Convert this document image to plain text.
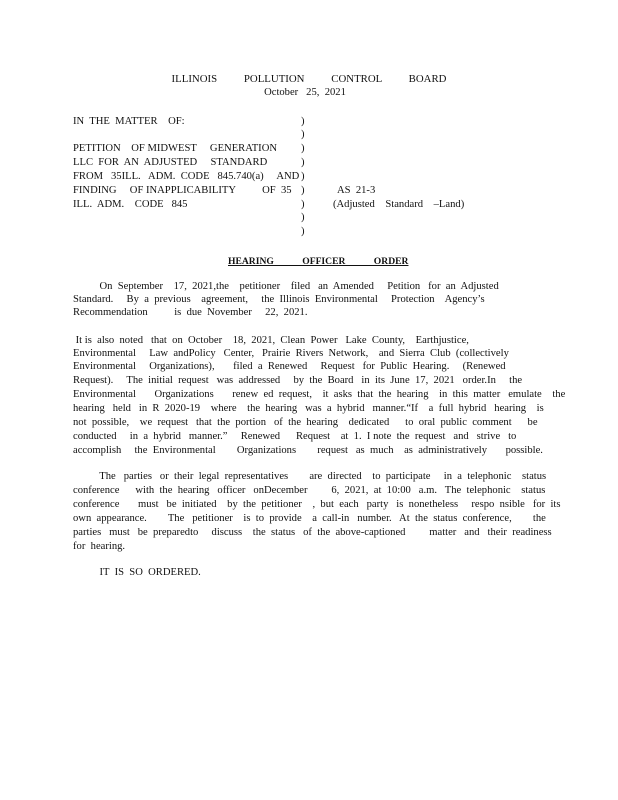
ILLINOIS    POLLUTION    CONTROL    BOARD
October   25,  2021
IN  THE  MATTER    OF:
PETITION    OF MIDWEST     GENERATION
LLC  FOR  AN  ADJUSTED     STANDARD
FROM   35ILL.   ADM.  CODE   845.740(a)     AND
FINDING     OF INAPPLICABILITY          OF  35
ILL.  ADM.    CODE   845
)
)
)
)
)
)
)
)
)
AS  21-3
(Adjusted    Standard    –Land)
HEARING OFFICER ORDER
On  September    17,  2021,the    petitioner    filed   an  Amended     Petition   for  an  Adjusted
Standard.     By  a  previous    agreement,     the  Illinois  Environmental     Protection    Agency’s
Recommendation          is  due  November     22,  2021.
It is  also  noted   that  on  October    18,  2021,  Clean  Power   Lake  County,    Earthjustice,
Environmental     Law  andPolicy   Center,   Prairie  Rivers  Network,    and  Sierra  Club  (collectively
Environmental     Organizations),       filed  a  Renewed     Request   for  Public  Hearing.     (Renewed
Request).     The  initial  request   was  addressed     by  the  Board   in  its  June  17,  2021   order.In     the
Environmental       Organizations       renew  ed  request,    it  asks  that  the  hearing    in  this  matter   emulate    the
hearing   held   in  R  2020-19    where    the  hearing   was  a  hybrid   manner.“If    a  full  hybrid   hearing    is
not  possible,    we  request   that  the  portion   of  the  hearing    dedicated      to  oral  public  comment      be
conducted     in  a  hybrid   manner.”     Renewed      Request    at  1.  I note  the  request   and   strive   to
accomplish     the  Environmental        Organizations        request   as  much    as  administratively       possible.
The   parties   or  their  legal  representatives        are  directed    to  participate     in  a  telephonic    status
conference      with  the  hearing   officer   onDecember         6,  2021,  at  10:00   a.m.   The  telephonic    status
conference       must   be  initiated    by  the  petitioner    ,  but  each   party   is  nonetheless     respo  nsible   for  its
own  appearance.        The   petitioner    is  to  provide    a  call-in   number.   At  the  status  conference,        the
parties   must   be  preparedto     discuss    the  status   of  the  above-captioned         matter   and   their  readiness
for  hearing.
IT  IS  SO  ORDERED.
